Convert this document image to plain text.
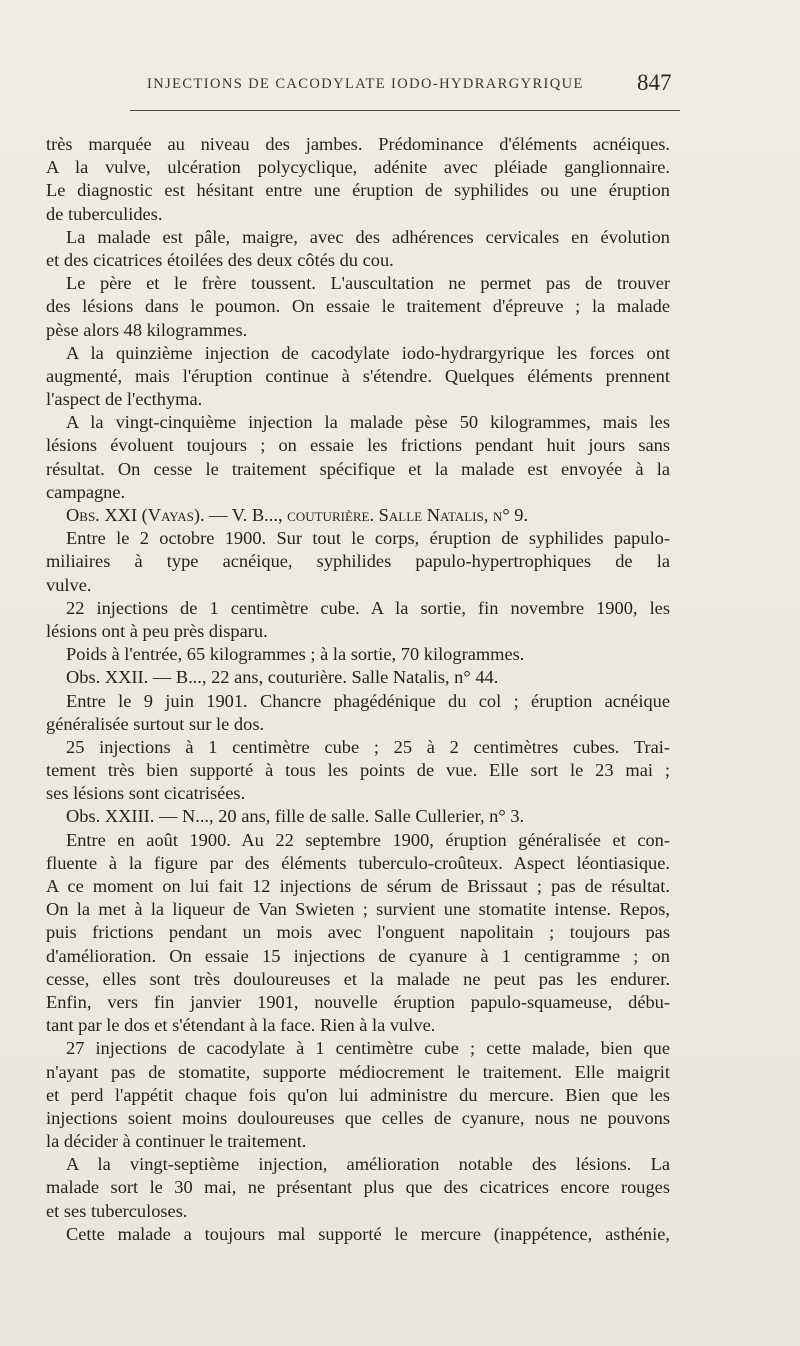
INJECTIONS DE CACODYLATE IODO-HYDRARGYRIQUE 847
très marquée au niveau des jambes. Prédominance d'éléments acnéiques.
A la vulve, ulcération polycyclique, adénite avec pléiade ganglionnaire.
Le diagnostic est hésitant entre une éruption de syphilides ou une éruption
de tuberculides.
La malade est pâle, maigre, avec des adhérences cervicales en évolution
et des cicatrices étoilées des deux côtés du cou.
Le père et le frère toussent. L'auscultation ne permet pas de trouver
des lésions dans le poumon. On essaie le traitement d'épreuve ; la malade
pèse alors 48 kilogrammes.
A la quinzième injection de cacodylate iodo-hydrargyrique les forces ont
augmenté, mais l'éruption continue à s'étendre. Quelques éléments prennent
l'aspect de l'ecthyma.
A la vingt-cinquième injection la malade pèse 50 kilogrammes, mais les
lésions évoluent toujours ; on essaie les frictions pendant huit jours sans
résultat. On cesse le traitement spécifique et la malade est envoyée à la
campagne.
Obs. XXI (Vayas). — V. B..., couturière. Salle Natalis, n° 9.
Entre le 2 octobre 1900. Sur tout le corps, éruption de syphilides papulo-
miliaires à type acnéique, syphilides papulo-hypertrophiques de la
vulve.
22 injections de 1 centimètre cube. A la sortie, fin novembre 1900, les
lésions ont à peu près disparu.
Poids à l'entrée, 65 kilogrammes ; à la sortie, 70 kilogrammes.
Obs. XXII. — B..., 22 ans, couturière. Salle Natalis, n° 44.
Entre le 9 juin 1901. Chancre phagédénique du col ; éruption acnéique
généralisée surtout sur le dos.
25 injections à 1 centimètre cube ; 25 à 2 centimètres cubes. Trai-
tement très bien supporté à tous les points de vue. Elle sort le 23 mai ;
ses lésions sont cicatrisées.
Obs. XXIII. — N..., 20 ans, fille de salle. Salle Cullerier, n° 3.
Entre en août 1900. Au 22 septembre 1900, éruption généralisée et con-
fluente à la figure par des éléments tuberculo-croûteux. Aspect léontiasique.
A ce moment on lui fait 12 injections de sérum de Brissaut ; pas de résultat.
On la met à la liqueur de Van Swieten ; survient une stomatite intense. Repos,
puis frictions pendant un mois avec l'onguent napolitain ; toujours pas
d'amélioration. On essaie 15 injections de cyanure à 1 centigramme ; on
cesse, elles sont très douloureuses et la malade ne peut pas les endurer.
Enfin, vers fin janvier 1901, nouvelle éruption papulo-squameuse, débu-
tant par le dos et s'étendant à la face. Rien à la vulve.
27 injections de cacodylate à 1 centimètre cube ; cette malade, bien que
n'ayant pas de stomatite, supporte médiocrement le traitement. Elle maigrit
et perd l'appétit chaque fois qu'on lui administre du mercure. Bien que les
injections soient moins douloureuses que celles de cyanure, nous ne pouvons
la décider à continuer le traitement.
A la vingt-septième injection, amélioration notable des lésions. La
malade sort le 30 mai, ne présentant plus que des cicatrices encore rouges
et ses tuberculoses.
Cette malade a toujours mal supporté le mercure (inappétence, asthénie,
